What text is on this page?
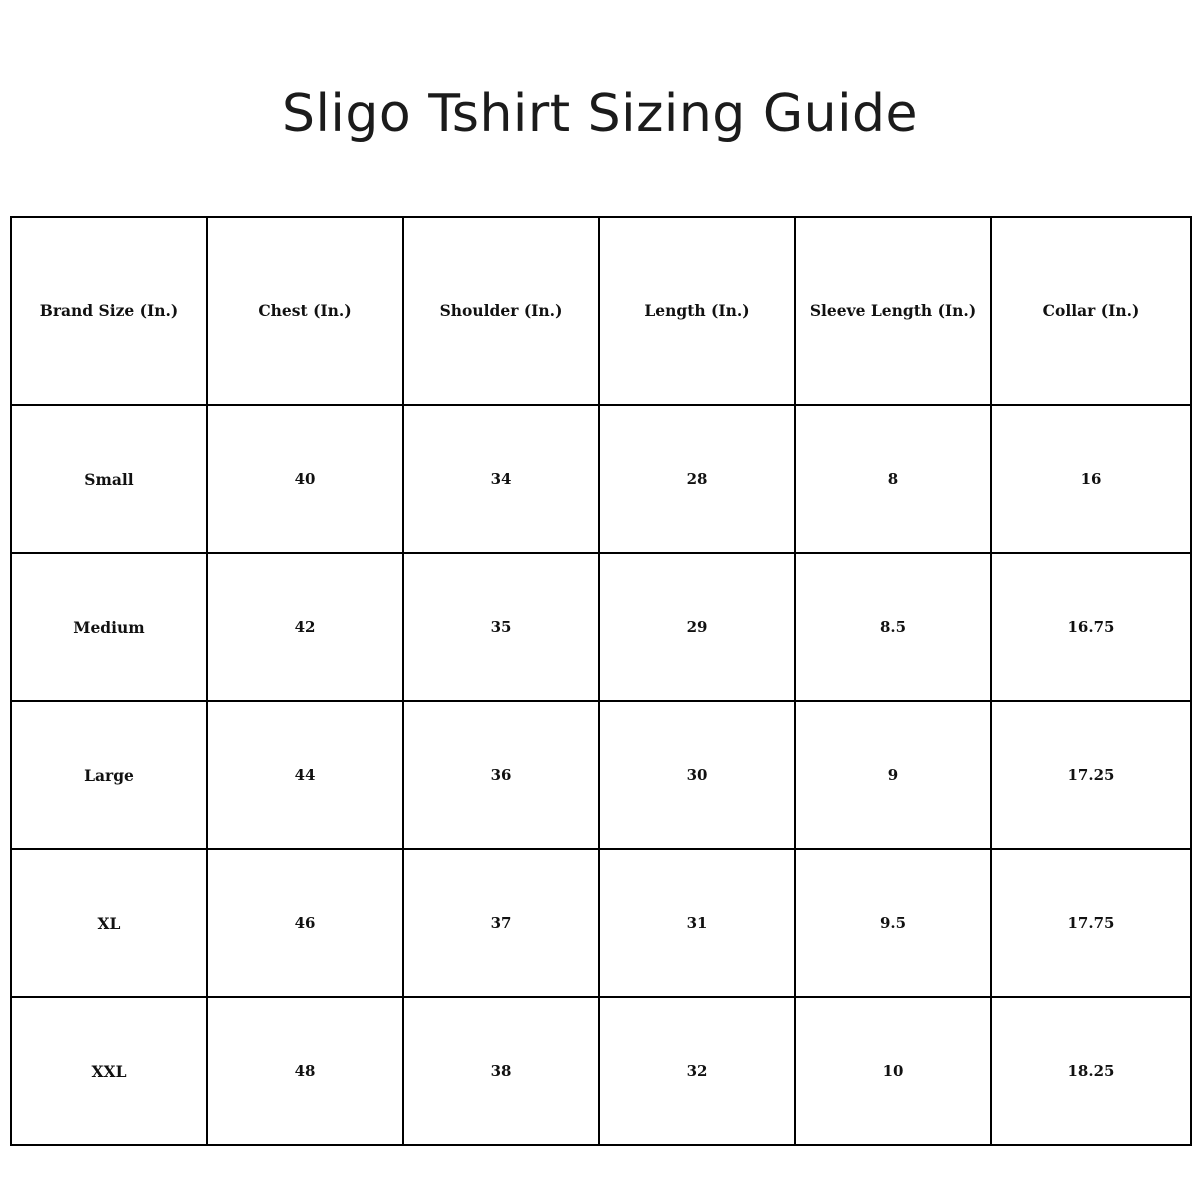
Sligo Tshirt Sizing Guide
Brand Size (In.)	Chest (In.)	Shoulder (In.)	Length (In.)	Sleeve Length (In.)	Collar (In.)
Small	40	34	28	8	16
Medium	42	35	29	8.5	16.75
Large	44	36	30	9	17.25
XL	46	37	31	9.5	17.75
XXL	48	38	32	10	18.25
